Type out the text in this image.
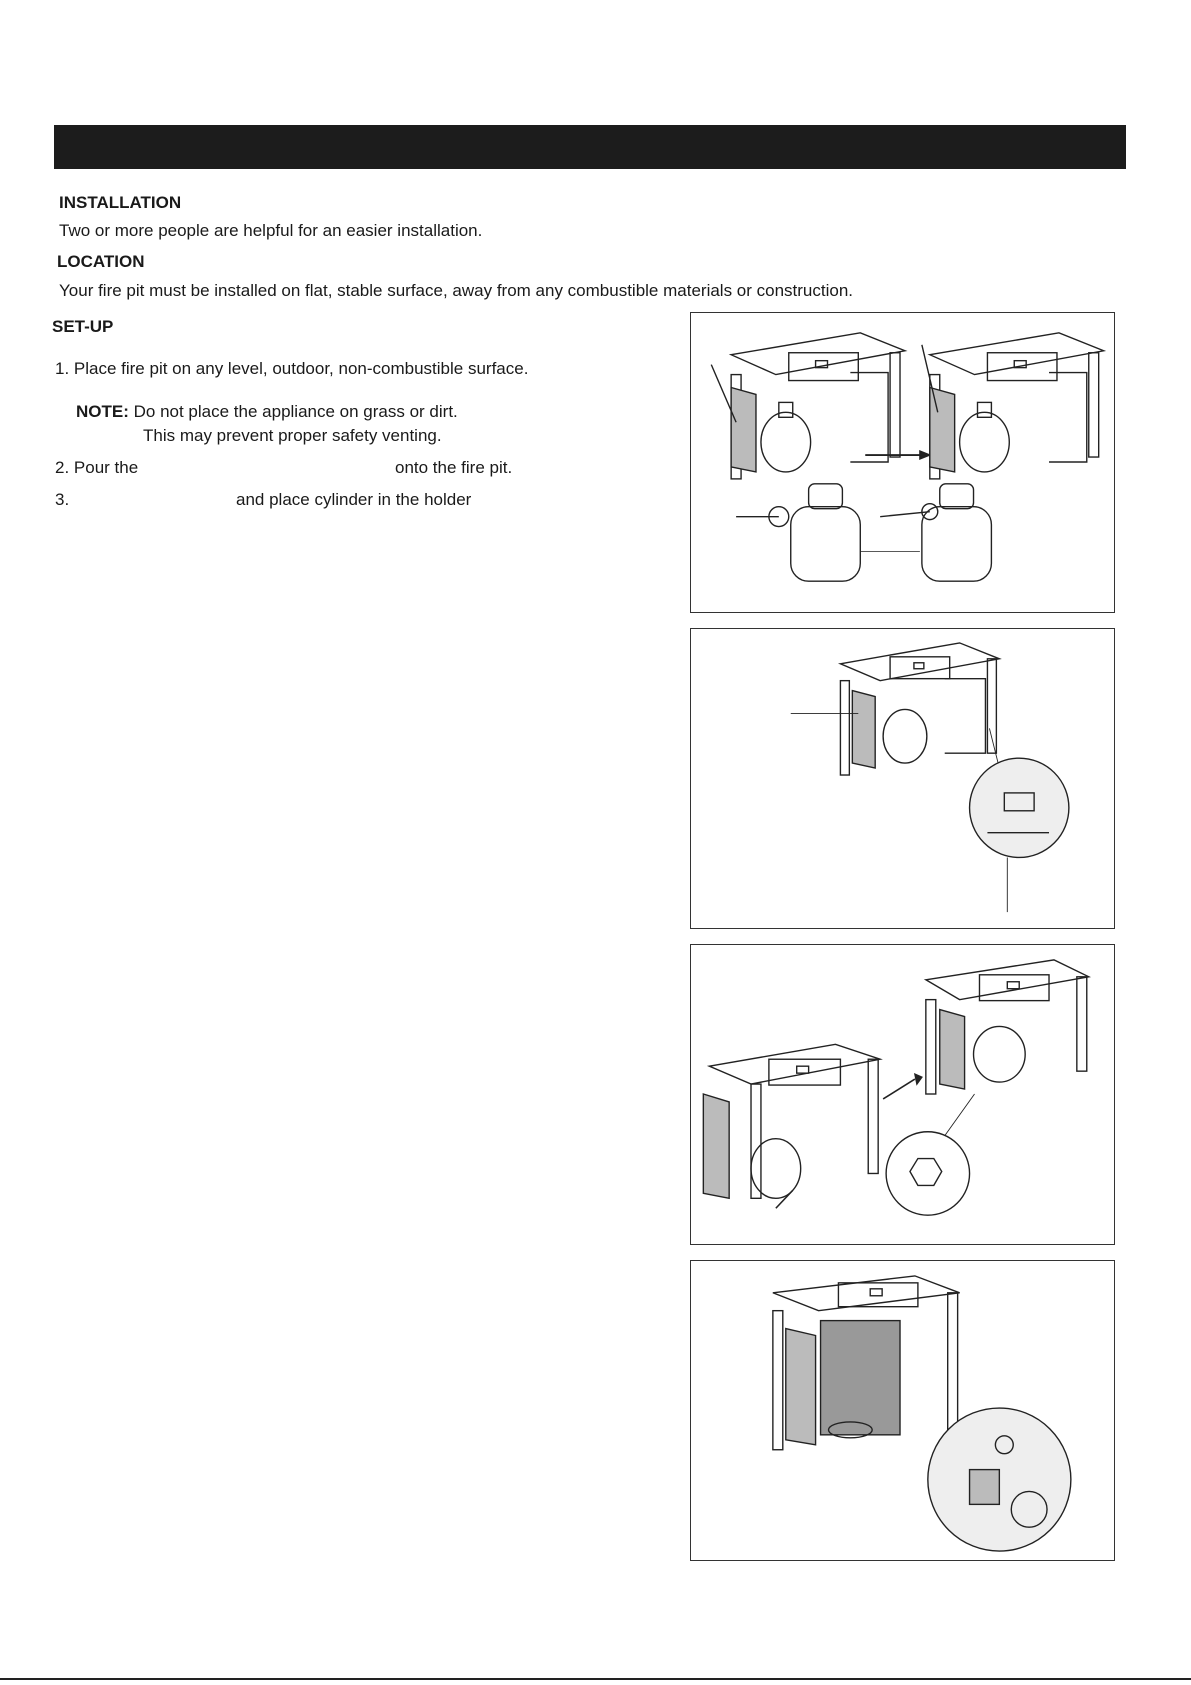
INSTALLATION

Two or more people are helpful for an easier installation.

LOCATION

Your fire pit must be installed on flat, stable surface, away from any combustible materials or construction.

SET-UP

1. Place fire pit on any level, outdoor, non-combustible surface.

NOTE: Do not place the appliance on grass or dirt.

This may prevent proper safety venting.

2. Pour the	onto the fire pit.

3.	and place cylinder in the holder
